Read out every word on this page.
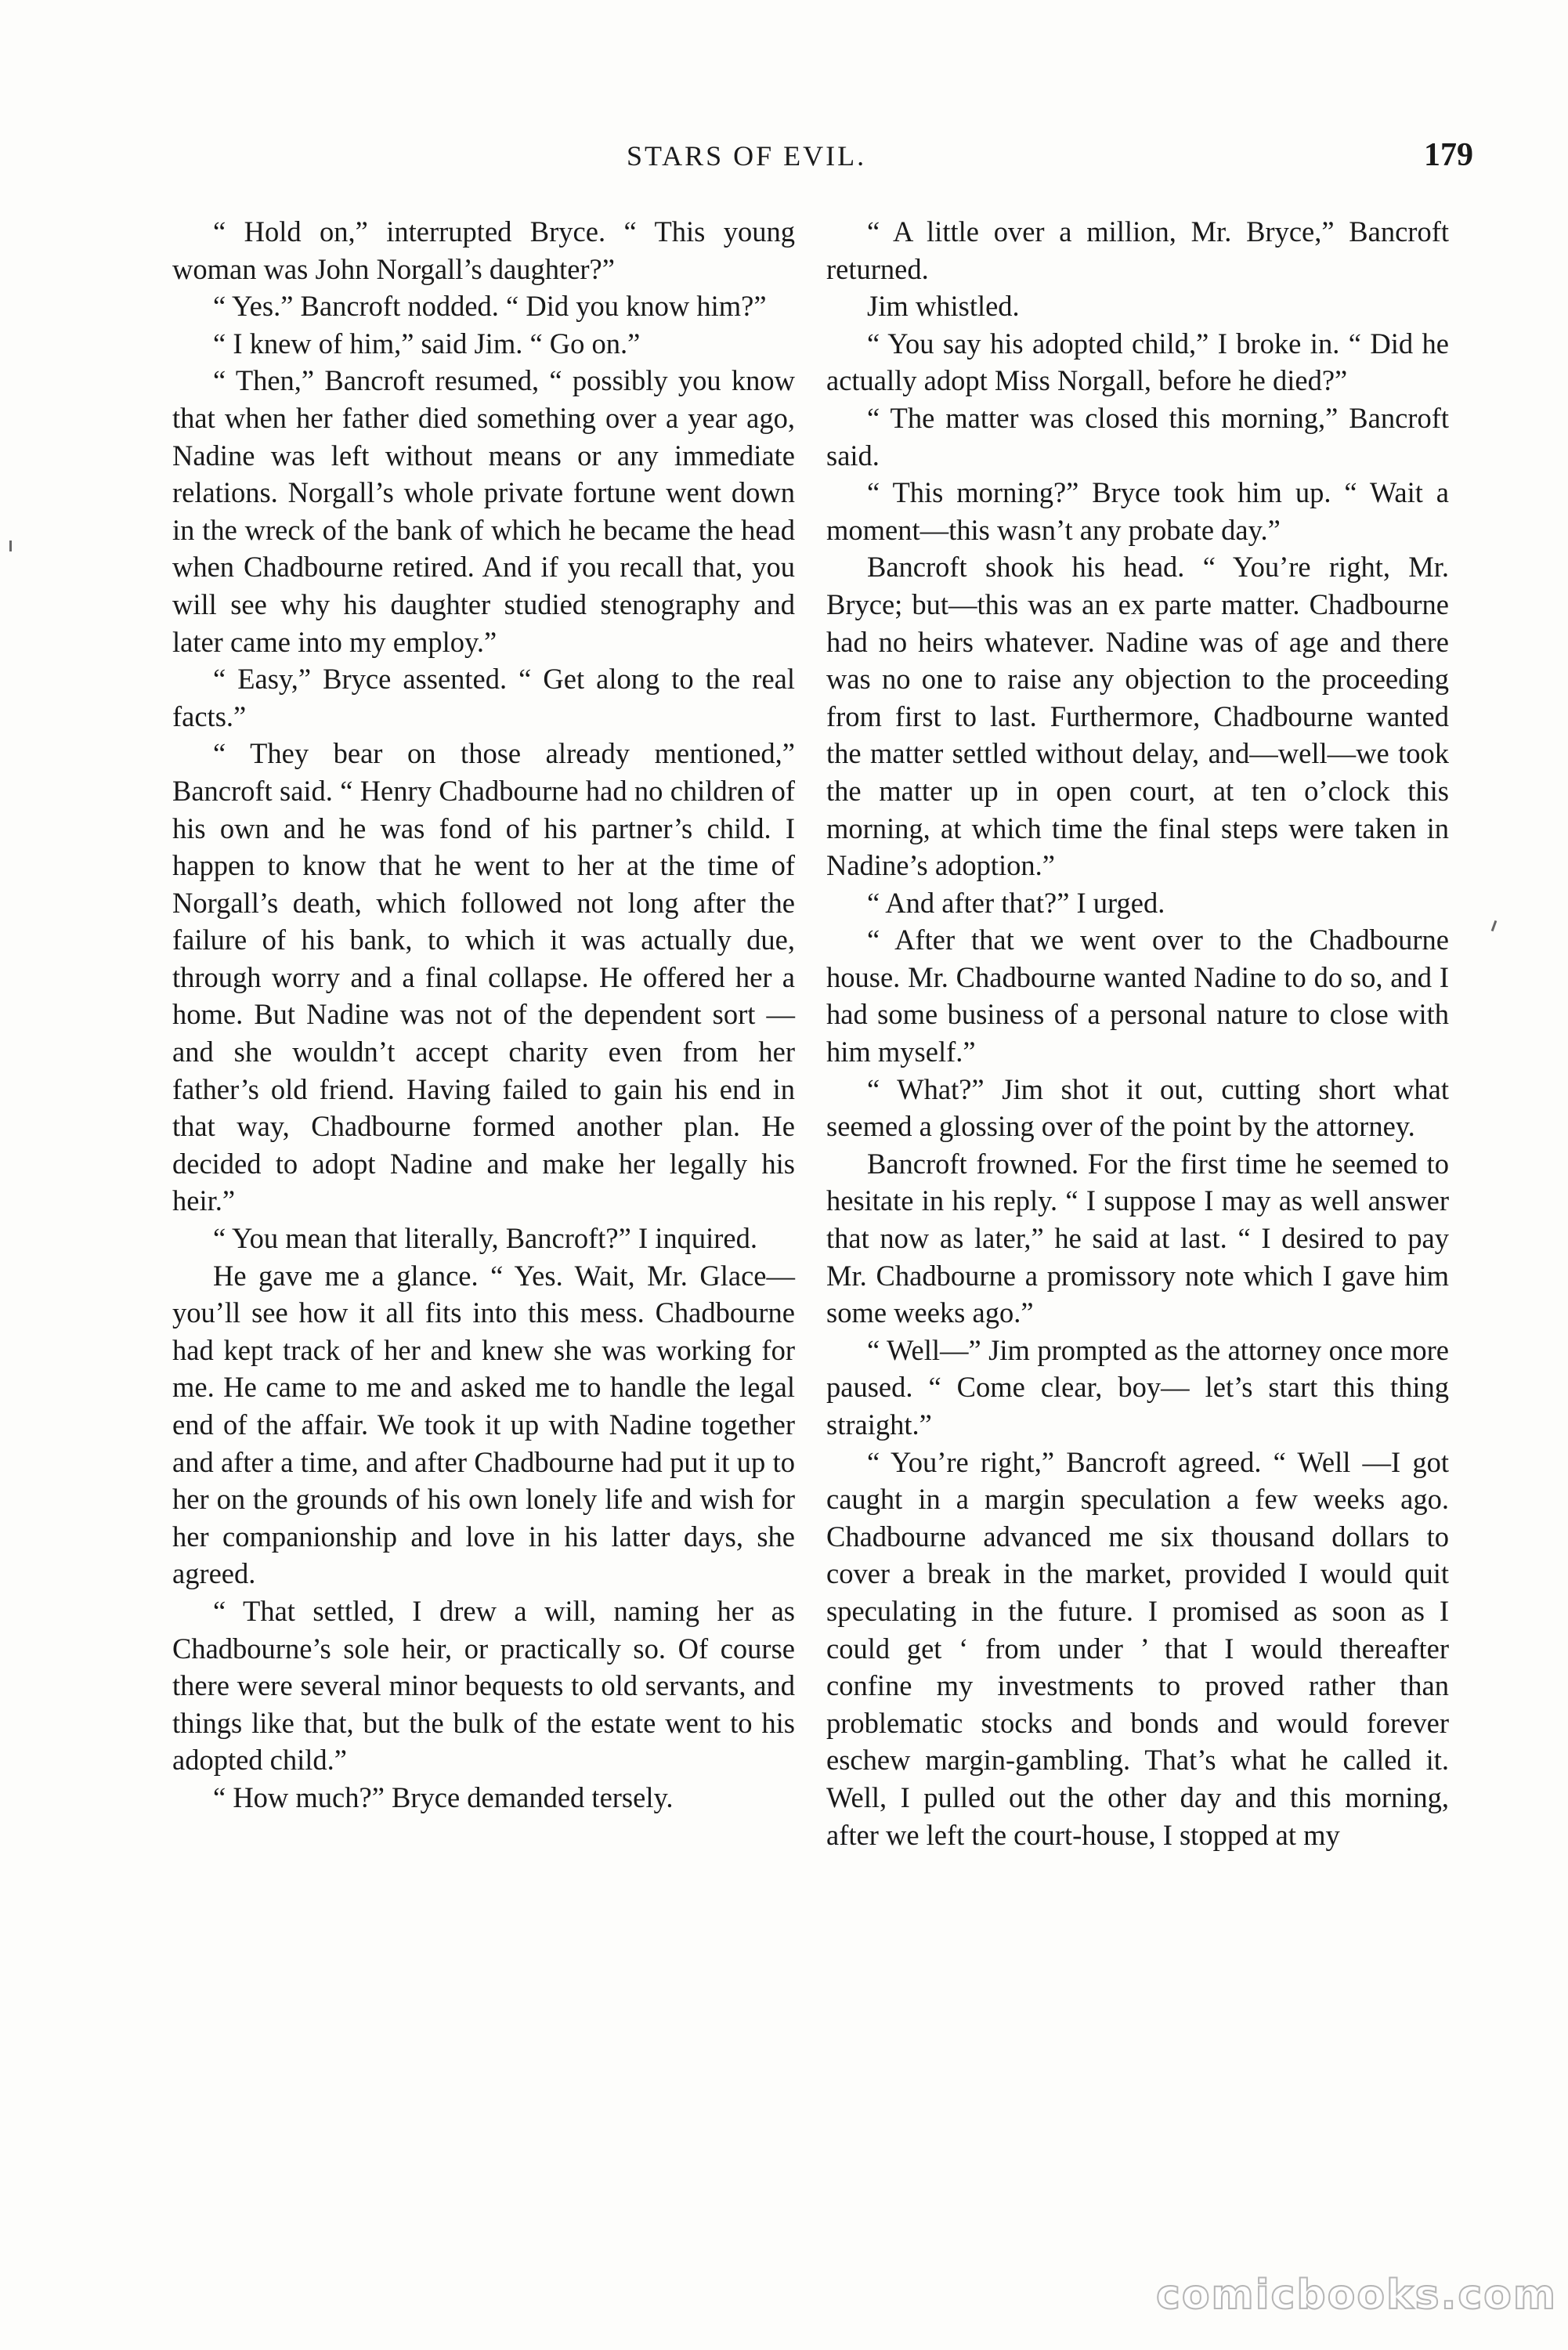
STARS OF EVIL.	179

“ Hold on,” interrupted Bryce. “ This young woman was John Norgall’s daughter?”

“ Yes.” Bancroft nodded. “ Did you know him?”

“ I knew of him,” said Jim. “ Go on.”

“ Then,” Bancroft resumed, “ possibly you know that when her father died something over a year ago, Nadine was left without means or any immediate relations. Norgall’s whole private fortune went down in the wreck of the bank of which he became the head when Chadbourne retired. And if you recall that, you will see why his daughter studied stenography and later came into my employ.”

“ Easy,” Bryce assented. “ Get along to the real facts.”

“ They bear on those already mentioned,” Bancroft said. “ Henry Chadbourne had no children of his own and he was fond of his partner’s child. I happen to know that he went to her at the time of Norgall’s death, which followed not long after the failure of his bank, to which it was actually due, through worry and a final collapse. He offered her a home. But Nadine was not of the dependent sort —and she wouldn’t accept charity even from her father’s old friend. Having failed to gain his end in that way, Chadbourne formed another plan. He decided to adopt Nadine and make her legally his heir.”

“ You mean that literally, Bancroft?” I inquired.

He gave me a glance. “ Yes. Wait, Mr. Glace—you’ll see how it all fits into this mess. Chadbourne had kept track of her and knew she was working for me. He came to me and asked me to handle the legal end of the affair. We took it up with Nadine together and after a time, and after Chadbourne had put it up to her on the grounds of his own lonely life and wish for her companionship and love in his latter days, she agreed.

“ That settled, I drew a will, naming her as Chadbourne’s sole heir, or practically so. Of course there were several minor bequests to old servants, and things like that, but the bulk of the estate went to his adopted child.”

“ How much?” Bryce demanded tersely.

“ A little over a million, Mr. Bryce,” Bancroft returned.

Jim whistled.

“ You say his adopted child,” I broke in. “ Did he actually adopt Miss Norgall, before he died?”

“ The matter was closed this morning,” Bancroft said.

“ This morning?” Bryce took him up. “ Wait a moment—this wasn’t any probate day.”

Bancroft shook his head. “ You’re right, Mr. Bryce; but—this was an ex parte matter. Chadbourne had no heirs whatever. Nadine was of age and there was no one to raise any objection to the proceeding from first to last. Furthermore, Chadbourne wanted the matter settled without delay, and—well—we took the matter up in open court, at ten o’clock this morning, at which time the final steps were taken in Nadine’s adoption.”

“ And after that?” I urged.

“ After that we went over to the Chadbourne house. Mr. Chadbourne wanted Nadine to do so, and I had some business of a personal nature to close with him myself.”

“ What?” Jim shot it out, cutting short what seemed a glossing over of the point by the attorney.

Bancroft frowned. For the first time he seemed to hesitate in his reply. “ I suppose I may as well answer that now as later,” he said at last. “ I desired to pay Mr. Chadbourne a promissory note which I gave him some weeks ago.”

“ Well—” Jim prompted as the attorney once more paused. “ Come clear, boy— let’s start this thing straight.”

“ You’re right,” Bancroft agreed. “ Well —I got caught in a margin speculation a few weeks ago. Chadbourne advanced me six thousand dollars to cover a break in the market, provided I would quit speculating in the future. I promised as soon as I could get ‘ from under ’ that I would thereafter confine my investments to proved rather than problematic stocks and bonds and would forever eschew margin-gambling. That’s what he called it. Well, I pulled out the other day and this morning, after we left the court-house, I stopped at my

comicbooks.com
